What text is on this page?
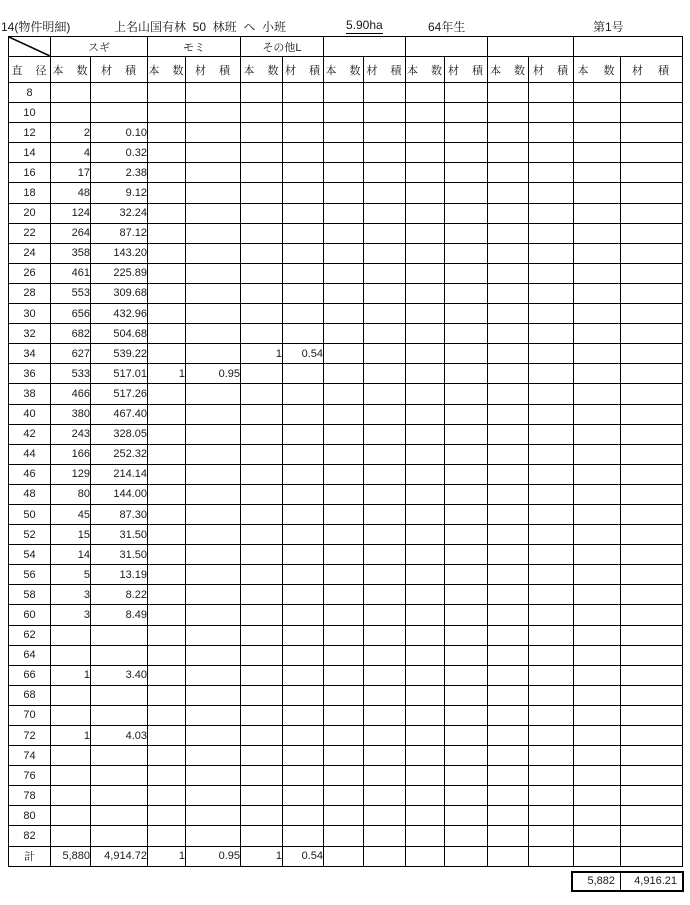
14(物件明細)	上名山国有林  50  林班  ヘ  小班	5.90ha	64年生	第1号
	スギ		モミ		その他L									
直　径	本　数	材　積	本　数	材　積	本　数	材　積	本　数	材　積	本　数	材　積	本　数	材　積	本　数	材　積
8														
10														
12	2	0.10												
14	4	0.32												
16	17	2.38												
18	48	9.12												
20	124	32.24												
22	264	87.12												
24	358	143.20												
26	461	225.89												
28	553	309.68												
30	656	432.96												
32	682	504.68												
34	627	539.22			1	0.54								
36	533	517.01	1	0.95										
38	466	517.26												
40	380	467.40												
42	243	328.05												
44	166	252.32												
46	129	214.14												
48	80	144.00												
50	45	87.30												
52	15	31.50												
54	14	31.50												
56	5	13.19												
58	3	8.22												
60	3	8.49												
62														
64														
66	1	3.40												
68														
70														
72	1	4.03												
74														
76														
78														
80														
82														
計	5,880	4,914.72	1	0.95	1	0.54								
5,882	4,916.21
